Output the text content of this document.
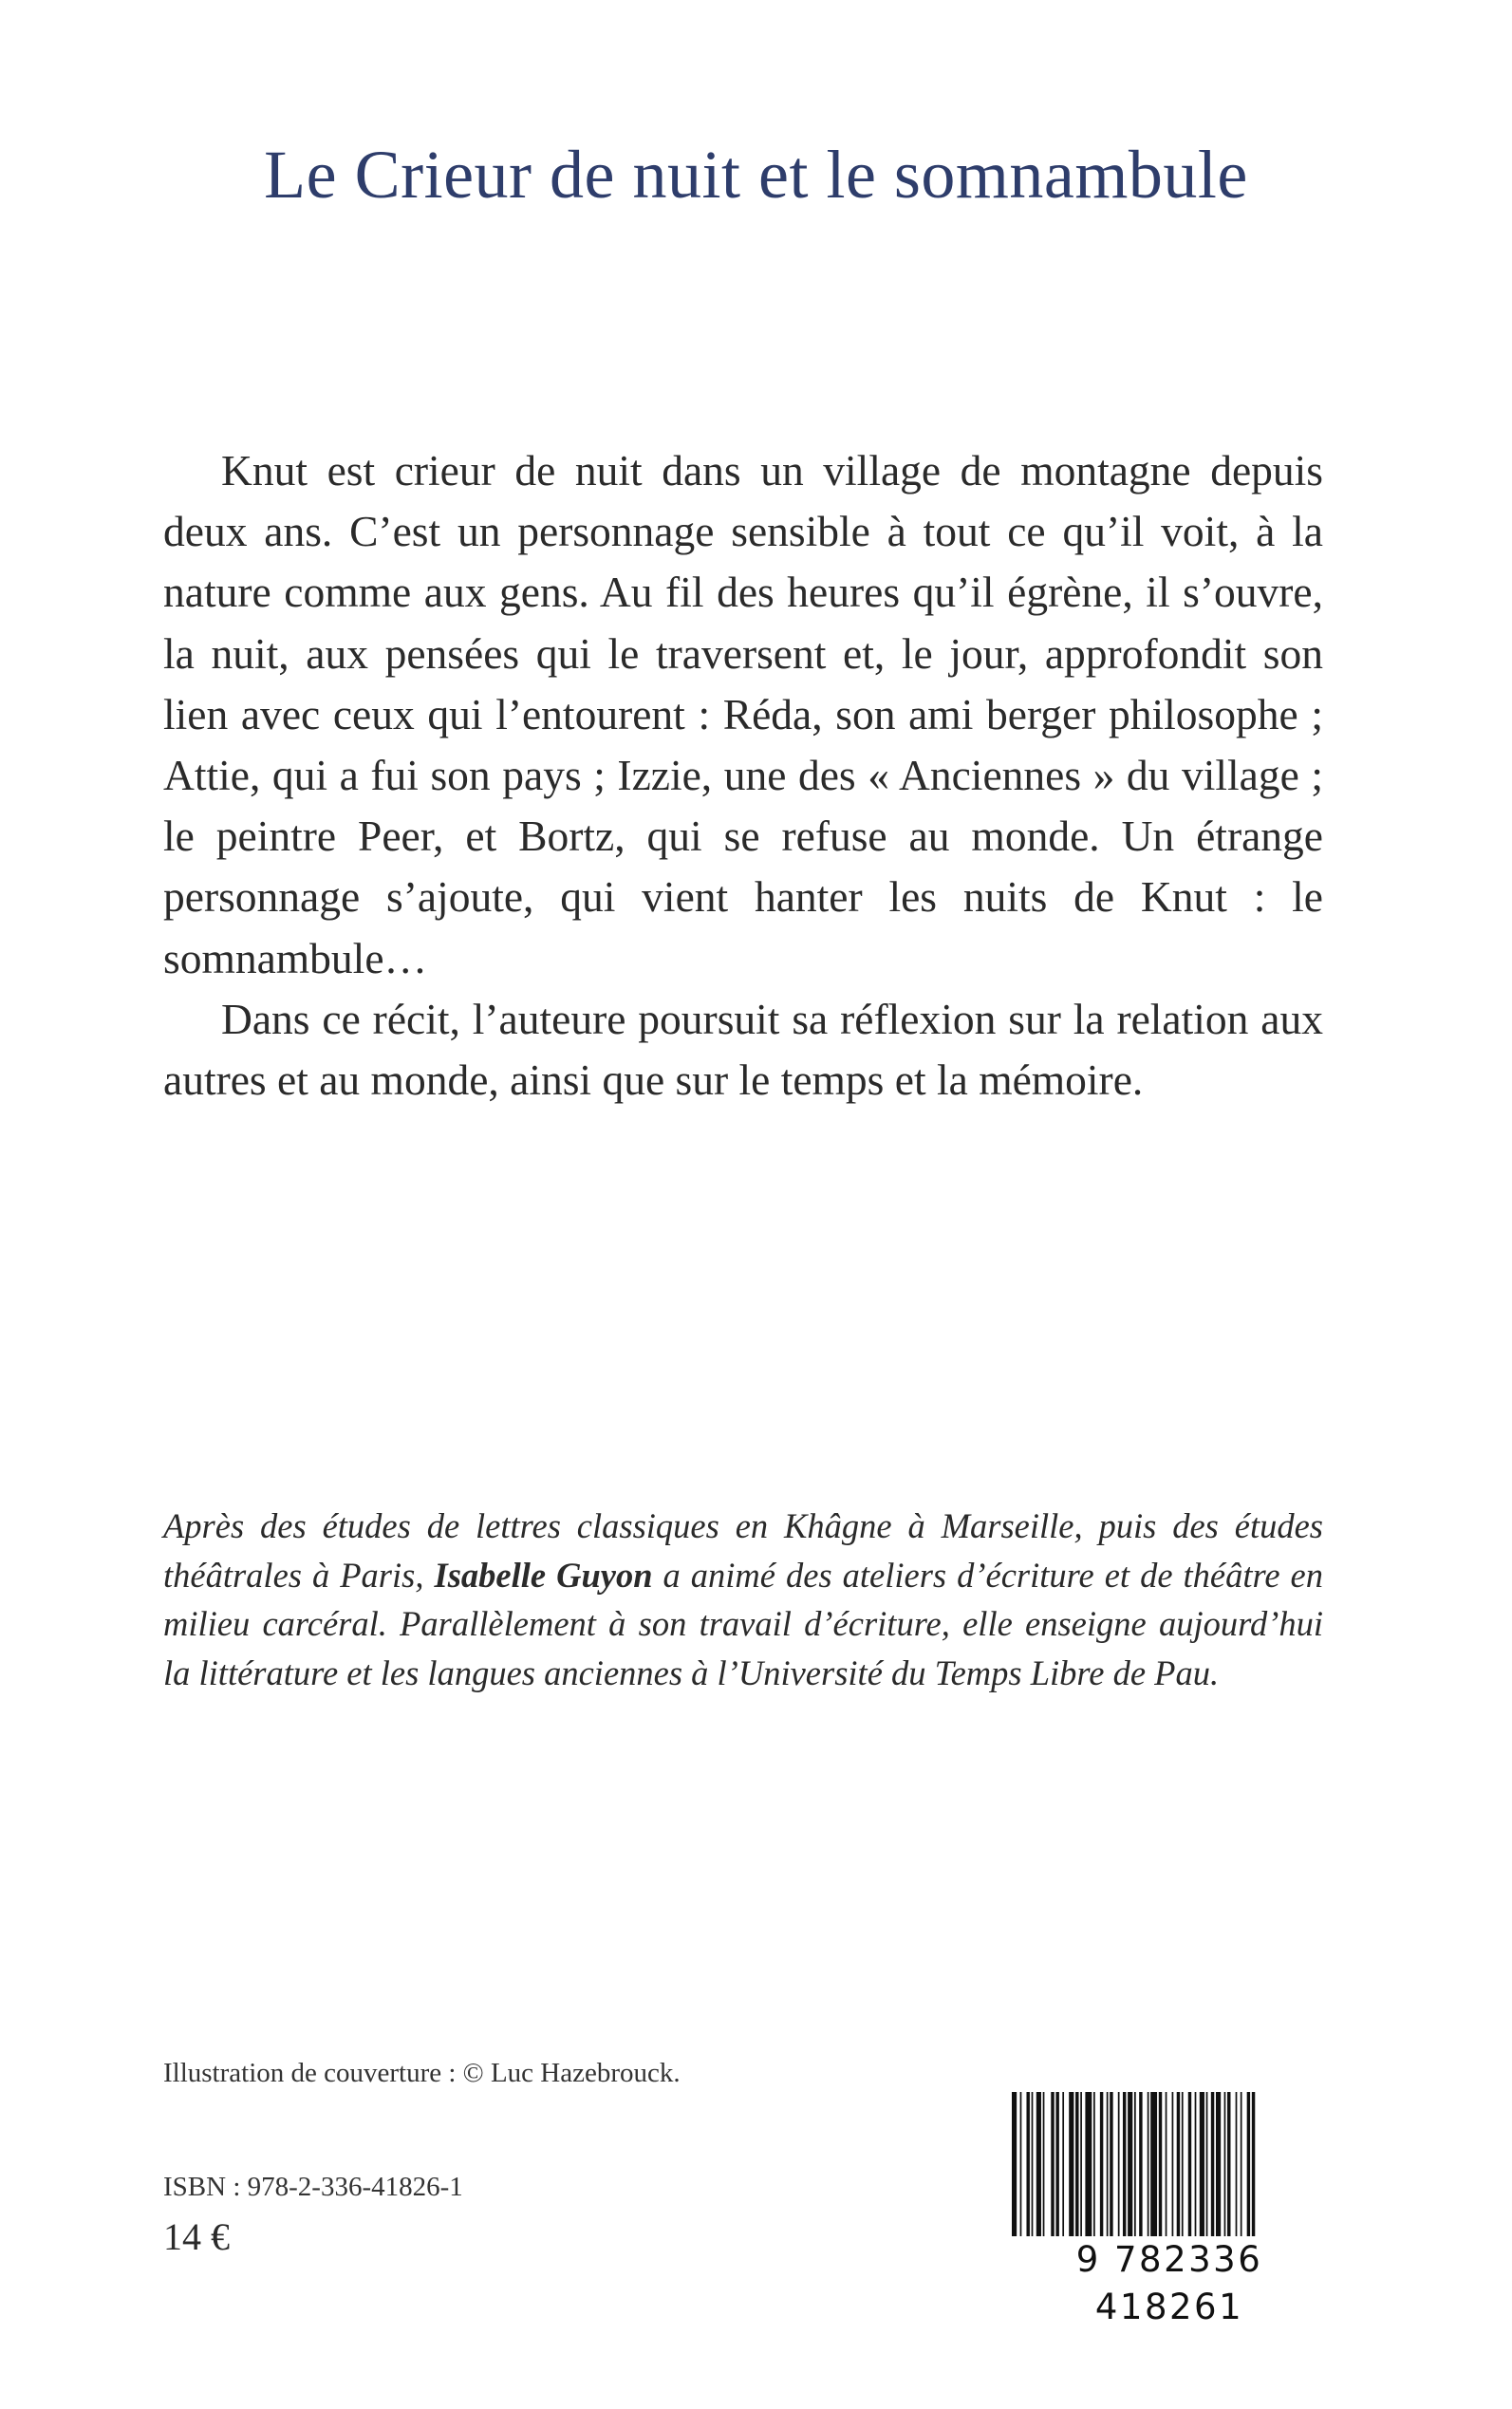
Le Crieur de nuit et le somnambule

Knut est crieur de nuit dans un village de montagne depuis deux ans. C’est un personnage sensible à tout ce qu’il voit, à la nature comme aux gens. Au fil des heures qu’il égrène, il s’ouvre, la nuit, aux pensées qui le traversent et, le jour, approfondit son lien avec ceux qui l’entourent : Réda, son ami berger philosophe ; Attie, qui a fui son pays ; Izzie, une des « Anciennes » du village ; le peintre Peer, et Bortz, qui se refuse au monde. Un étrange personnage s’ajoute, qui vient hanter les nuits de Knut : le somnambule…

Dans ce récit, l’auteure poursuit sa réflexion sur la relation aux autres et au monde, ainsi que sur le temps et la mémoire.

Après des études de lettres classiques en Khâgne à Marseille, puis des études théâtrales à Paris, Isabelle Guyon a animé des ateliers d’écriture et de théâtre en milieu carcéral. Parallèlement à son travail d’écriture, elle enseigne aujourd’hui la littérature et les langues anciennes à l’Université du Temps Libre de Pau.
Illustration de couverture : © Luc Hazebrouck.
ISBN : 978-2-336-41826-1
14 €
9 782336 418261
